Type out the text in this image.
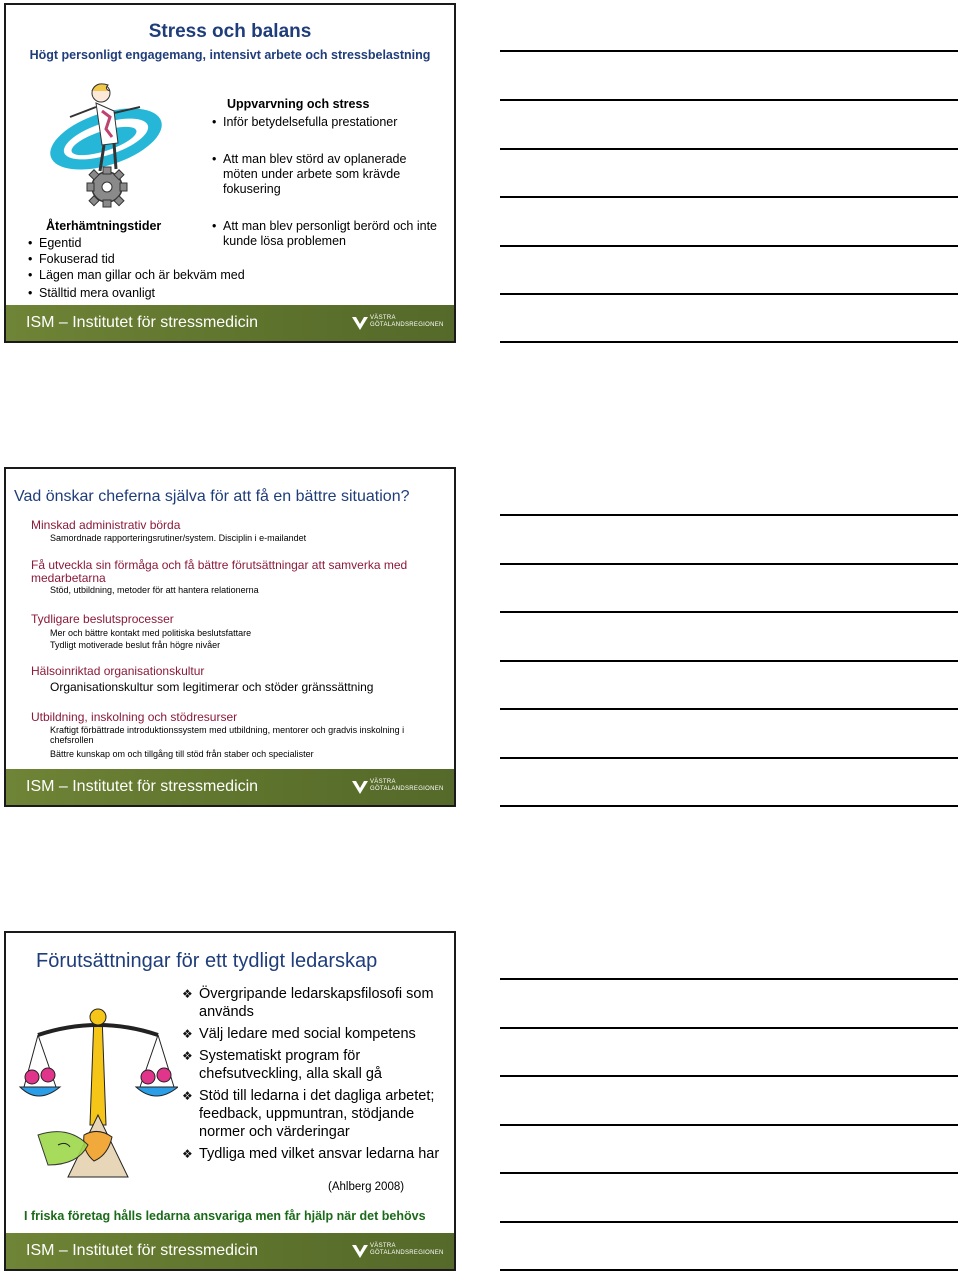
Stress och balans
Högt personligt engagemang, intensivt arbete och stressbelastning
Uppvarvning och stress
• Inför betydelsefulla prestationer
• Att man blev störd av oplanerade möten under arbete som krävde fokusering
• Att man blev personligt berörd och inte kunde lösa problemen
Återhämtningstider
• Egentid
• Fokuserad tid
• Lägen man gillar och är bekväm med
• Ställtid mera ovanligt
ISM – Institutet för stressmedicin	VÄSTRA
GÖTALANDSREGIONEN
Vad önskar cheferna själva för att få en bättre situation?
Minskad administrativ börda
Samordnade rapporteringsrutiner/system. Disciplin i e-mailandet
Få utveckla sin förmåga och få bättre förutsättningar att samverka med medarbetarna
Stöd, utbildning, metoder för att hantera relationerna
Tydligare beslutsprocesser
Mer och bättre kontakt med politiska beslutsfattare
Tydligt motiverade beslut från högre nivåer
Hälsoinriktad organisationskultur
Organisationskultur som legitimerar och stöder gränssättning
Utbildning, inskolning och stödresurser
Kraftigt förbättrade introduktionssystem med utbildning, mentorer och gradvis inskolning i chefsrollen
Bättre kunskap om och tillgång till stöd från staber och specialister
ISM – Institutet för stressmedicin	VÄSTRA
GÖTALANDSREGIONEN
Förutsättningar för ett tydligt ledarskap
❖ Övergripande ledarskapsfilosofi som används
❖ Välj ledare med social kompetens
❖ Systematiskt program för chefsutveckling, alla skall gå
❖ Stöd till ledarna i det dagliga arbetet; feedback, uppmuntran, stödjande normer och värderingar
❖ Tydliga med vilket ansvar ledarna har
(Ahlberg 2008)
I friska företag hålls ledarna ansvariga men får hjälp när det behövs
ISM – Institutet för stressmedicin	VÄSTRA
GÖTALANDSREGIONEN
